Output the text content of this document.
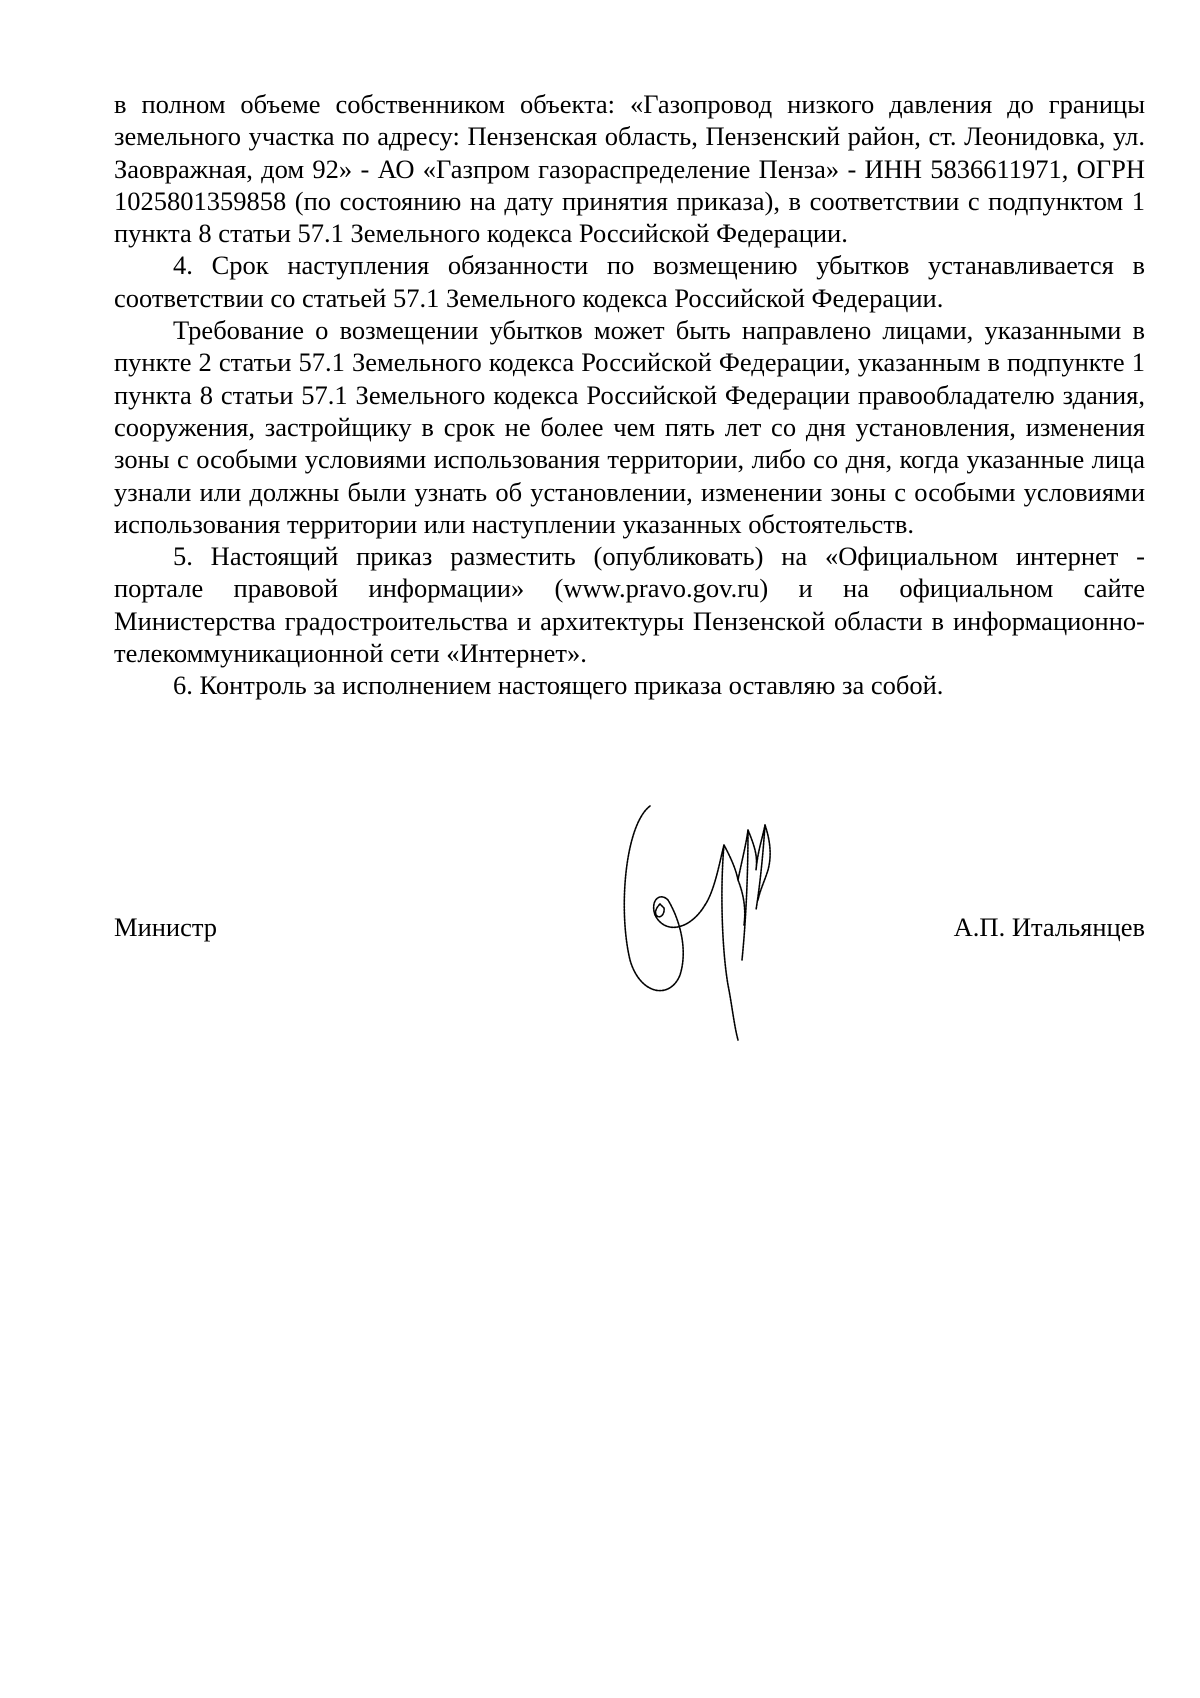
в полном объеме собственником объекта: «Газопровод низкого давления до границы земельного участка по адресу: Пензенская область, Пензенский район, ст. Леонидовка, ул. Заовражная, дом 92» - АО «Газпром газораспределение Пенза» - ИНН 5836611971, ОГРН 1025801359858 (по состоянию на дату принятия приказа), в соответствии с подпунктом 1 пункта 8 статьи 57.1 Земельного кодекса Российской Федерации.

4. Срок наступления обязанности по возмещению убытков устанавливается в соответствии со статьей 57.1 Земельного кодекса Российской Федерации.

Требование о возмещении убытков может быть направлено лицами, указанными в пункте 2 статьи 57.1 Земельного кодекса Российской Федерации, указанным в подпункте 1 пункта 8 статьи 57.1 Земельного кодекса Российской Федерации правообладателю здания, сооружения, застройщику в срок не более чем пять лет со дня установления, изменения зоны с особыми условиями использования территории, либо со дня, когда указанные лица узнали или должны были узнать об установлении, изменении зоны с особыми условиями использования территории или наступлении указанных обстоятельств.

5. Настоящий приказ разместить (опубликовать) на «Официальном интернет - портале правовой информации» (www.pravo.gov.ru) и на официальном сайте Министерства градостроительства и архитектуры Пензенской области в информационно-телекоммуникационной сети «Интернет».

6. Контроль за исполнением настоящего приказа оставляю за собой.

Министр	А.П. Итальянцев
